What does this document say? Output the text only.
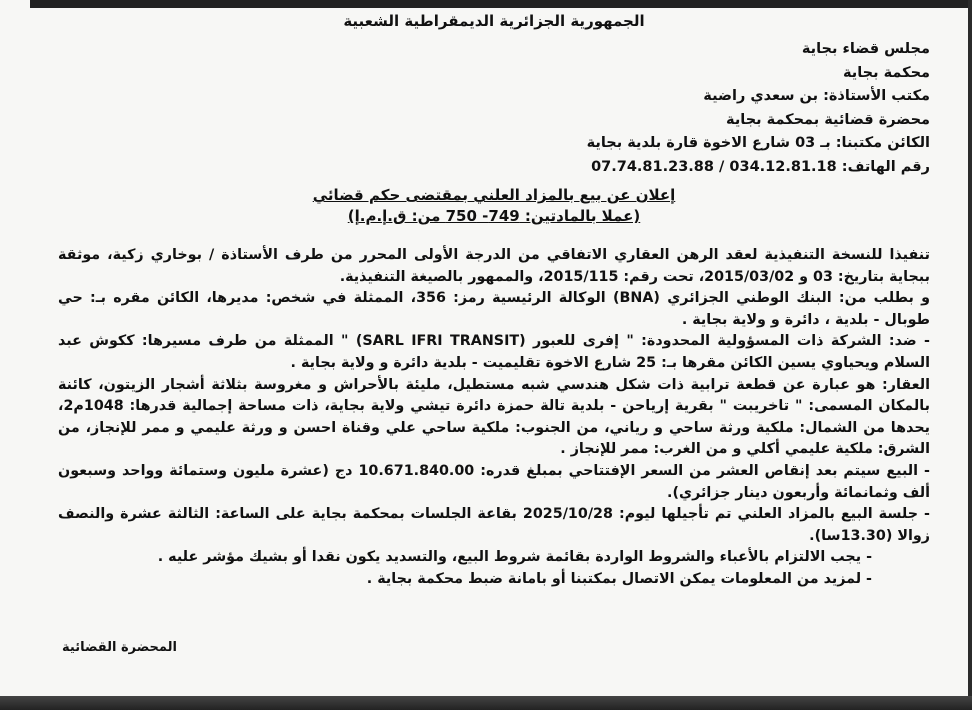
الجمهورية الجزائرية الديمقراطية الشعبية
مجلس قضاء بجاية
محكمة بجاية
مكتب الأستاذة: بن سعدي راضية
محضرة قضائية بمحكمة بجاية
الكائن مكتبنا: بـ 03 شارع الاخوة قارة بلدية بجاية
رقم الهاتف: 034.12.81.18 / 07.74.81.23.88
إعلان عن بيع بالمزاد العلني بمقتضى حكم قضائي
(عملا بالمادتين: 749- 750 من: ق.إ.م.إ)

تنفيذا للنسخة التنفيذية لعقد الرهن العقاري الاتفاقي من الدرجة الأولى المحرر من طرف الأستاذة / بوخاري زكية، موثقة ببجاية بتاريخ: 03 و 2015/03/02، تحت رقم: 2015/115، والممهور بالصيغة التنفيذية.

و بطلب من: البنك الوطني الجزائري (BNA) الوكالة الرئيسية رمز: 356، الممثلة في شخص: مديرها، الكائن مقره بـ: حي طوبال - بلدية ، دائرة و ولاية بجاية .

- ضد: الشركة ذات المسؤولية المحدودة: " إفرى للعبور (SARL IFRI TRANSIT) " الممثلة من طرف مسيرها: ككوش عبد السلام ويحياوي يسين الكائن مقرها بـ: 25 شارع الاخوة تقليميت - بلدية دائرة و ولاية بجاية .

العقار: هو عبارة عن قطعة ترابية ذات شكل هندسي شبه مستطيل، مليئة بالأحراش و مغروسة بثلاثة أشجار الزيتون، كائنة بالمكان المسمى: " تاخريبت " بقرية إرياحن - بلدية تالة حمزة دائرة تيشي ولاية بجاية، ذات مساحة إجمالية قدرها: 1048م2، يحدها من الشمال: ملكية ورثة ساحي و رياني، من الجنوب: ملكية ساحي علي وقناة احسن و ورثة عليمي و ممر للإنجاز، من الشرق: ملكية عليمي أكلي و من الغرب: ممر للإنجاز .

- البيع سيتم بعد إنقاص العشر من السعر الإفتتاحي بمبلغ قدره: 10.671.840.00 دج (عشرة مليون وستمائة وواحد وسبعون ألف وثمانمائة وأربعون دينار جزائري).

- جلسة البيع بالمزاد العلني تم تأجيلها ليوم: 2025/10/28 بقاعة الجلسات بمحكمة بجاية على الساعة: الثالثة عشرة والنصف زوالا (13.30سا).

- يجب الالتزام بالأعباء والشروط الواردة بقائمة شروط البيع، والتسديد يكون نقدا أو بشيك مؤشر عليه .
- لمزيد من المعلومات يمكن الاتصال بمكتبنا أو بامانة ضبط محكمة بجاية .
المحضرة القضائية
